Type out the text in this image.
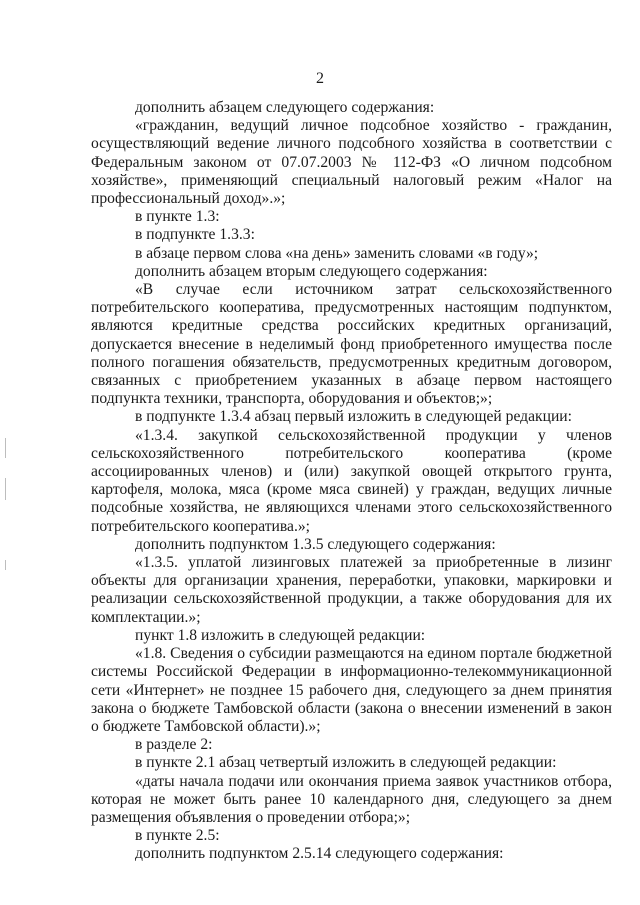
2

дополнить абзацем следующего содержания:

«гражданин, ведущий личное подсобное хозяйство - гражданин, осуществляющий ведение личного подсобного хозяйства в соответствии с Федеральным законом от 07.07.2003 № 112-ФЗ «О личном подсобном хозяйстве», применяющий специальный налоговый режим «Налог на профессиональный доход».»;

в пункте 1.3:

в подпункте 1.3.3:

в абзаце первом слова «на день» заменить словами «в году»;

дополнить абзацем вторым следующего содержания:

«В случае если источником затрат сельскохозяйственного потребительского кооператива, предусмотренных настоящим подпунктом, являются кредитные средства российских кредитных организаций, допускается внесение в неделимый фонд приобретенного имущества после полного погашения обязательств, предусмотренных кредитным договором, связанных с приобретением указанных в абзаце первом настоящего подпункта техники, транспорта, оборудования и объектов;»;

в подпункте 1.3.4 абзац первый изложить в следующей редакции:

«1.3.4. закупкой сельскохозяйственной продукции у членов сельскохозяйственного потребительского кооператива (кроме ассоциированных членов) и (или) закупкой овощей открытого грунта, картофеля, молока, мяса (кроме мяса свиней) у граждан, ведущих личные подсобные хозяйства, не являющихся членами этого сельскохозяйственного потребительского кооператива.»;

дополнить подпунктом 1.3.5 следующего содержания:

«1.3.5. уплатой лизинговых платежей за приобретенные в лизинг объекты для организации хранения, переработки, упаковки, маркировки и реализации сельскохозяйственной продукции, а также оборудования для их комплектации.»;

пункт 1.8 изложить в следующей редакции:

«1.8. Сведения о субсидии размещаются на едином портале бюджетной системы Российской Федерации в информационно-телекоммуникационной сети «Интернет» не позднее 15 рабочего дня, следующего за днем принятия закона о бюджете Тамбовской области (закона о внесении изменений в закон о бюджете Тамбовской области).»;

в разделе 2:

в пункте 2.1 абзац четвертый изложить в следующей редакции:

«даты начала подачи или окончания приема заявок участников отбора, которая не может быть ранее 10 календарного дня, следующего за днем размещения объявления о проведении отбора;»;

в пункте 2.5:

дополнить подпунктом 2.5.14 следующего содержания:
